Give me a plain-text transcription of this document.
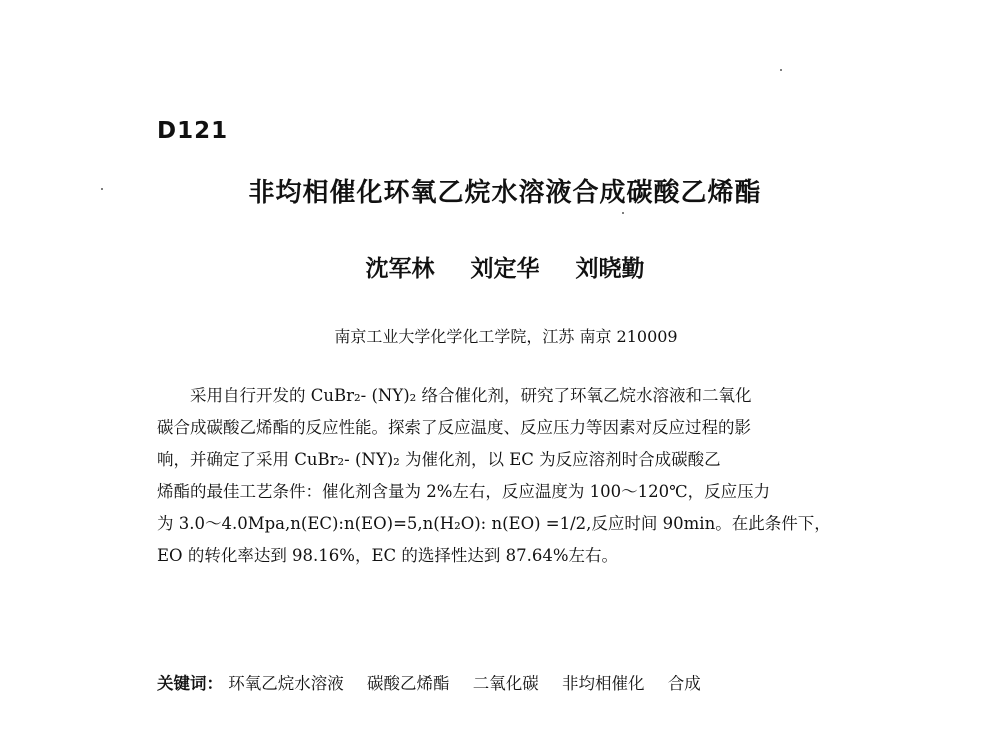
D121
非均相催化环氧乙烷水溶液合成碳酸乙烯酯
沈军林 刘定华 刘晓勤
南京工业大学化学化工学院，江苏 南京 210009

采用自行开发的 CuBr₂- (NY)₂ 络合催化剂，研究了环氧乙烷水溶液和二氧化
碳合成碳酸乙烯酯的反应性能。探索了反应温度、反应压力等因素对反应过程的影
响，并确定了采用 CuBr₂- (NY)₂ 为催化剂，以 EC 为反应溶剂时合成碳酸乙
烯酯的最佳工艺条件：催化剂含量为 2%左右，反应温度为 100～120℃，反应压力
为 3.0～4.0Mpa,n(EC):n(EO)=5,n(H₂O): n(EO) =1/2,反应时间 90min。在此条件下，
EO 的转化率达到 98.16%，EC 的选择性达到 87.64%左右。

关键词： 环氧乙烷水溶液 碳酸乙烯酯 二氧化碳 非均相催化 合成
